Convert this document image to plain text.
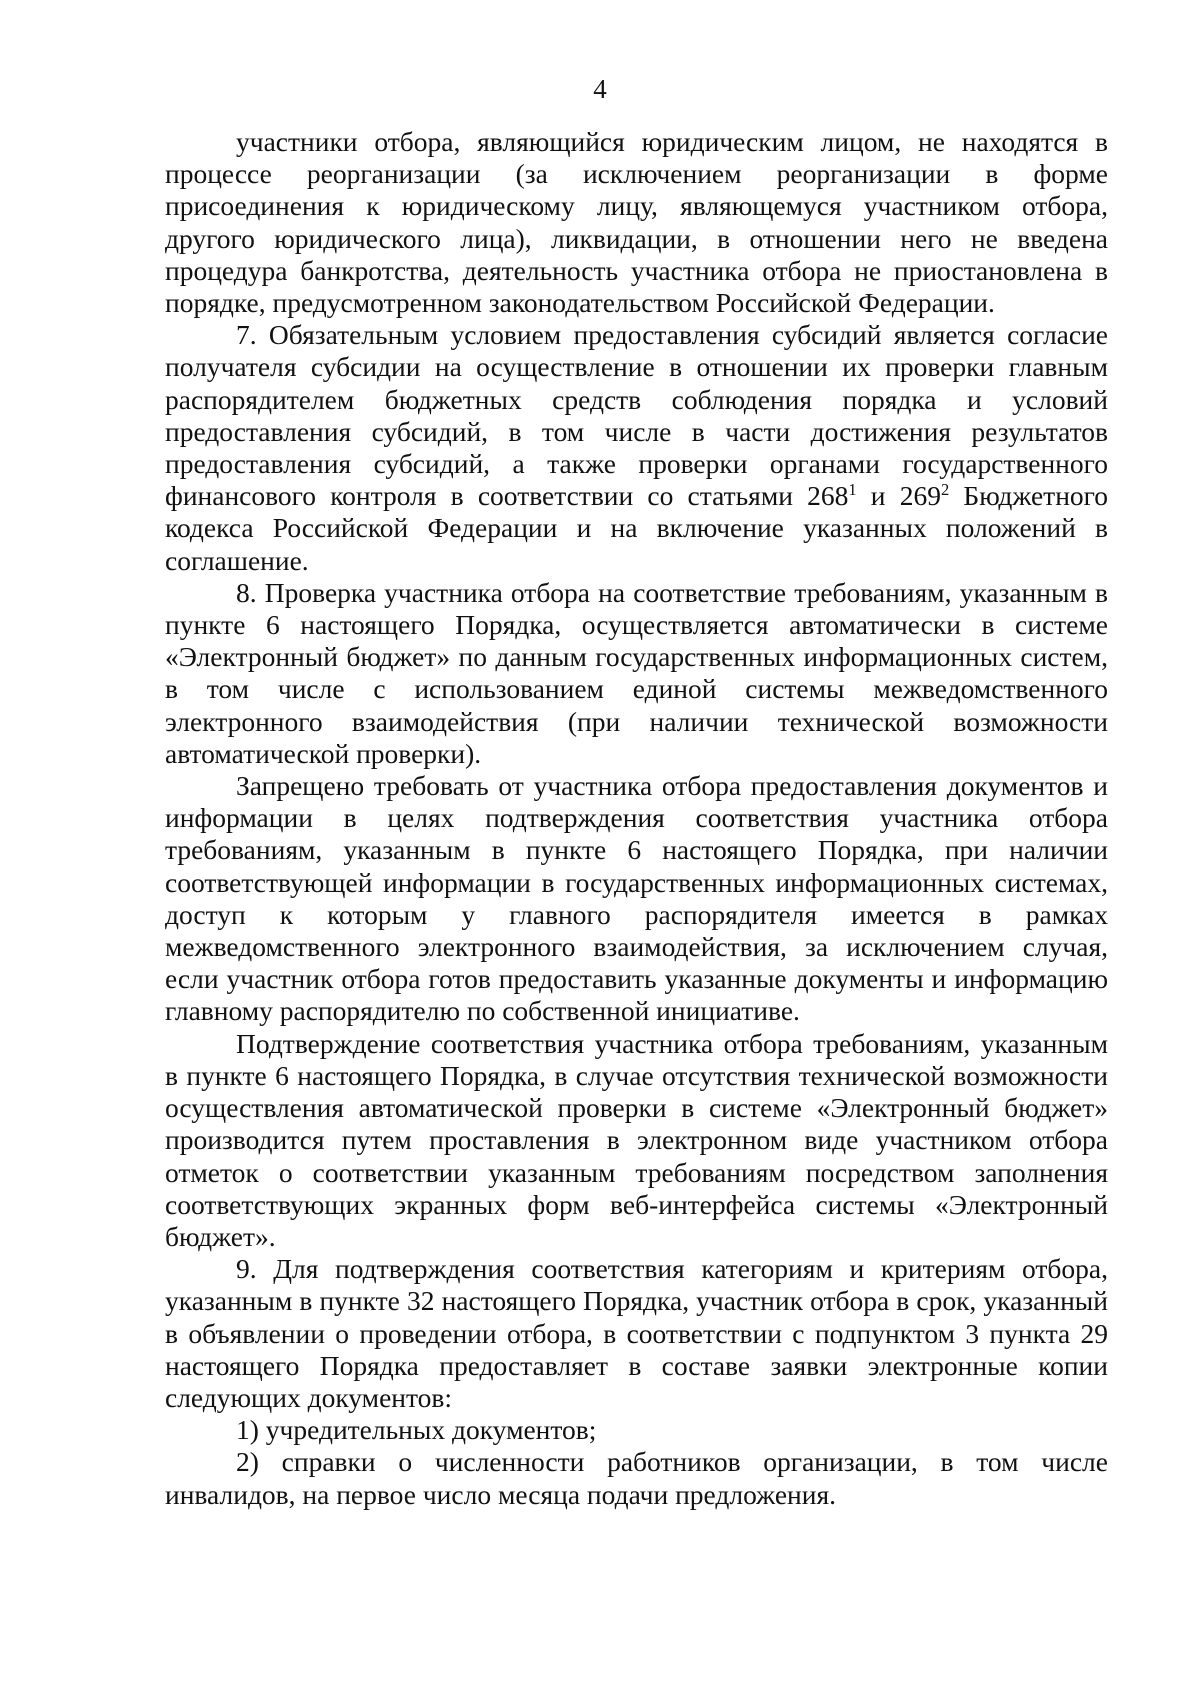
4

участники отбора, являющийся юридическим лицом, не находятся в процессе реорганизации (за исключением реорганизации в форме присоединения к юридическому лицу, являющемуся участником отбора, другого юридического лица), ликвидации, в отношении него не введена процедура банкротства, деятельность участника отбора не приостановлена в порядке, предусмотренном законодательством Российской Федерации.

7. Обязательным условием предоставления субсидий является согласие получателя субсидии на осуществление в отношении их проверки главным распорядителем бюджетных средств соблюдения порядка и условий предоставления субсидий, в том числе в части достижения результатов предоставления субсидий, а также проверки органами государственного финансового контроля в соответствии со статьями $268^1$ и $269^2$ Бюджетного кодекса Российской Федерации и на включение указанных положений в соглашение.

8. Проверка участника отбора на соответствие требованиям, указанным в пункте 6 настоящего Порядка, осуществляется автоматически в системе «Электронный бюджет» по данным государственных информационных систем, в том числе с использованием единой системы межведомственного электронного взаимодействия (при наличии технической возможности автоматической проверки).

Запрещено требовать от участника отбора предоставления документов и информации в целях подтверждения соответствия участника отбора требованиям, указанным в пункте 6 настоящего Порядка, при наличии соответствующей информации в государственных информационных системах, доступ к которым у главного распорядителя имеется в рамках межведомственного электронного взаимодействия, за исключением случая, если участник отбора готов предоставить указанные документы и информацию главному распорядителю по собственной инициативе.

Подтверждение соответствия участника отбора требованиям, указанным в пункте 6 настоящего Порядка, в случае отсутствия технической возможности осуществления автоматической проверки в системе «Электронный бюджет» производится путем проставления в электронном виде участником отбора отметок о соответствии указанным требованиям посредством заполнения соответствующих экранных форм веб-интерфейса системы «Электронный бюджет».

9. Для подтверждения соответствия категориям и критериям отбора, указанным в пункте 32 настоящего Порядка, участник отбора в срок, указанный в объявлении о проведении отбора, в соответствии с подпунктом 3 пункта 29 настоящего Порядка предоставляет в составе заявки электронные копии следующих документов:

1) учредительных документов;

2) справки о численности работников организации, в том числе инвалидов, на первое число месяца подачи предложения.
